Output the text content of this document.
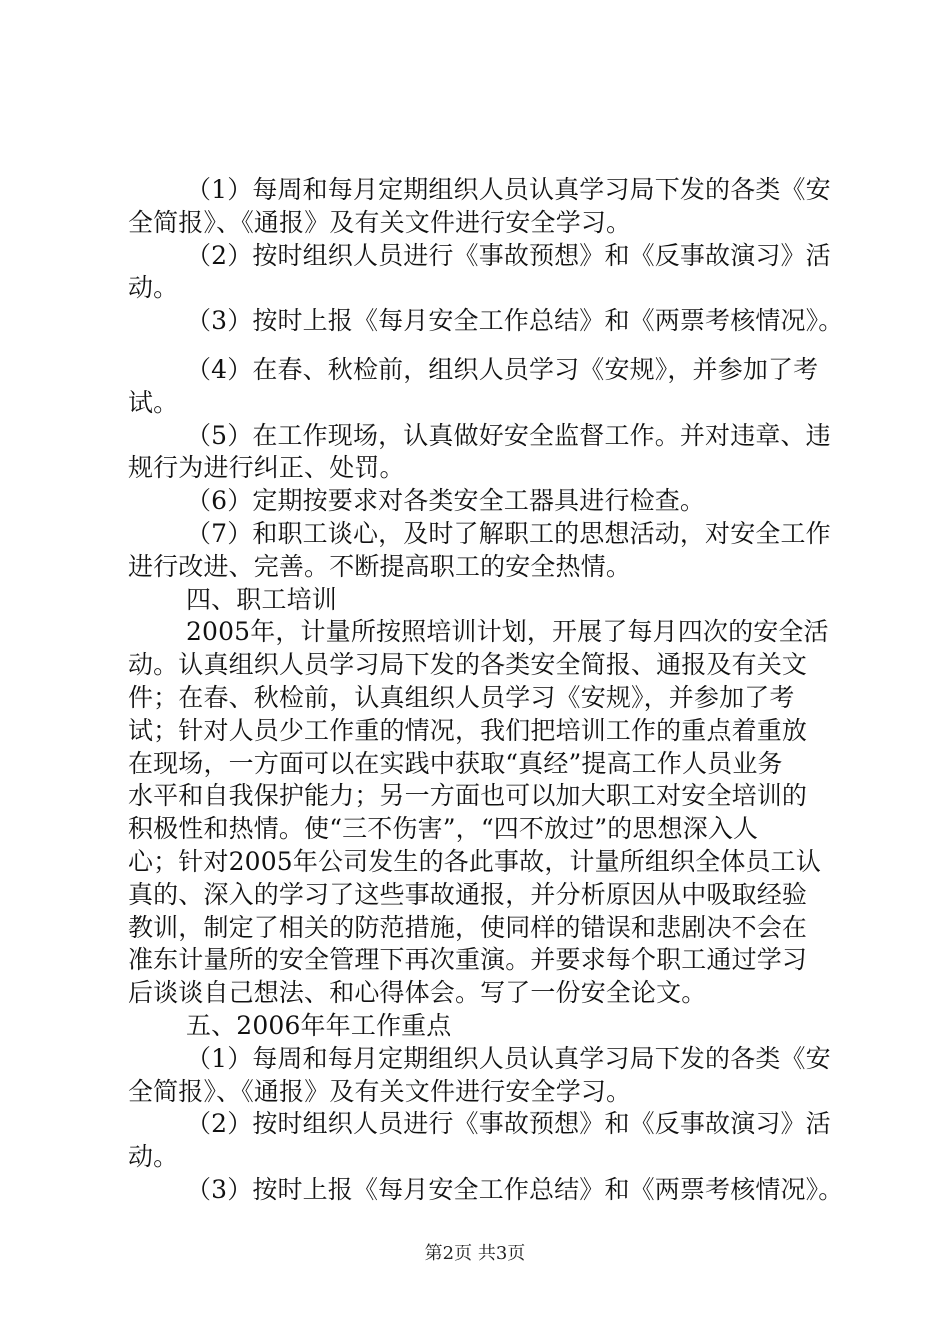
（1）每周和每月定期组织人员认真学习局下发的各类《安
全简报》、《通报》及有关文件进行安全学习。
（2）按时组织人员进行《事故预想》和《反事故演习》活
动。
（3）按时上报《每月安全工作总结》和《两票考核情况》。
（4）在春、秋检前，组织人员学习《安规》，并参加了考
试。
（5）在工作现场，认真做好安全监督工作。并对违章、违
规行为进行纠正、处罚。
（6）定期按要求对各类安全工器具进行检查。
（7）和职工谈心，及时了解职工的思想活动，对安全工作
进行改进、完善。不断提高职工的安全热情。
四、职工培训
2005年，计量所按照培训计划，开展了每月四次的安全活
动。认真组织人员学习局下发的各类安全简报、通报及有关文
件；在春、秋检前，认真组织人员学习《安规》，并参加了考
试；针对人员少工作重的情况，我们把培训工作的重点着重放
在现场，一方面可以在实践中获取“真经”提高工作人员业务
水平和自我保护能力；另一方面也可以加大职工对安全培训的
积极性和热情。使“三不伤害”，“四不放过”的思想深入人
心；针对2005年公司发生的各此事故，计量所组织全体员工认
真的、深入的学习了这些事故通报，并分析原因从中吸取经验
教训，制定了相关的防范措施，使同样的错误和悲剧决不会在
准东计量所的安全管理下再次重演。并要求每个职工通过学习
后谈谈自己想法、和心得体会。写了一份安全论文。
五、2006年年工作重点
（1）每周和每月定期组织人员认真学习局下发的各类《安
全简报》、《通报》及有关文件进行安全学习。
（2）按时组织人员进行《事故预想》和《反事故演习》活
动。
（3）按时上报《每月安全工作总结》和《两票考核情况》。
第2页 共3页
